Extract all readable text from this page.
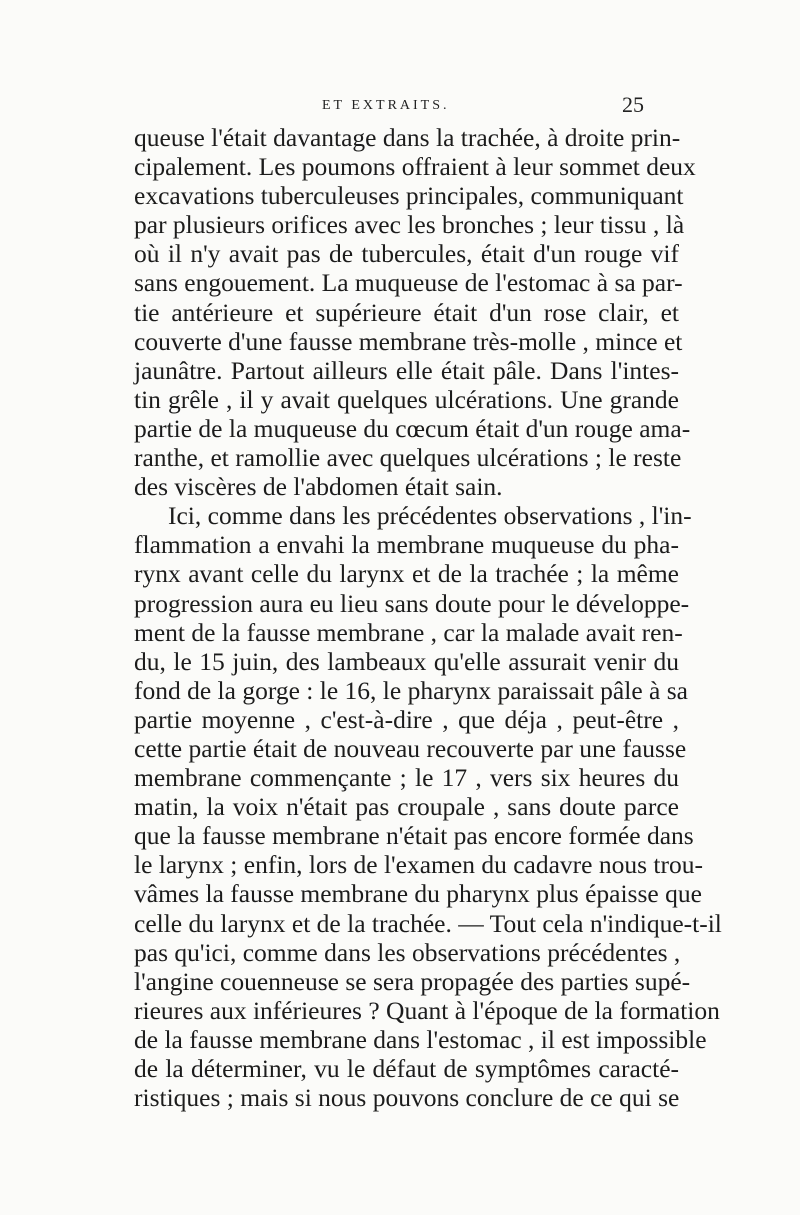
ET EXTRAITS.	25
queuse l'était davantage dans la trachée, à droite prin-
cipalement. Les poumons offraient à leur sommet deux
excavations tuberculeuses principales, communiquant
par plusieurs orifices avec les bronches ; leur tissu , là
où il n'y avait pas de tubercules, était d'un rouge vif
sans engouement. La muqueuse de l'estomac à sa par-
tie antérieure et supérieure était d'un rose clair, et
couverte d'une fausse membrane très-molle , mince et
jaunâtre. Partout ailleurs elle était pâle. Dans l'intes-
tin grêle , il y avait quelques ulcérations. Une grande
partie de la muqueuse du cœcum était d'un rouge ama-
ranthe, et ramollie avec quelques ulcérations ; le reste
des viscères de l'abdomen était sain.
Ici, comme dans les précédentes observations , l'in-
flammation a envahi la membrane muqueuse du pha-
rynx avant celle du larynx et de la trachée ; la même
progression aura eu lieu sans doute pour le développe-
ment de la fausse membrane , car la malade avait ren-
du, le 15 juin, des lambeaux qu'elle assurait venir du
fond de la gorge : le 16, le pharynx paraissait pâle à sa
partie moyenne , c'est-à-dire , que déja , peut-être ,
cette partie était de nouveau recouverte par une fausse
membrane commençante ; le 17 , vers six heures du
matin, la voix n'était pas croupale , sans doute parce
que la fausse membrane n'était pas encore formée dans
le larynx ; enfin, lors de l'examen du cadavre nous trou-
vâmes la fausse membrane du pharynx plus épaisse que
celle du larynx et de la trachée. — Tout cela n'indique-t-il
pas qu'ici, comme dans les observations précédentes ,
l'angine couenneuse se sera propagée des parties supé-
rieures aux inférieures ? Quant à l'époque de la formation
de la fausse membrane dans l'estomac , il est impossible
de la déterminer, vu le défaut de symptômes caracté-
ristiques ; mais si nous pouvons conclure de ce qui se
